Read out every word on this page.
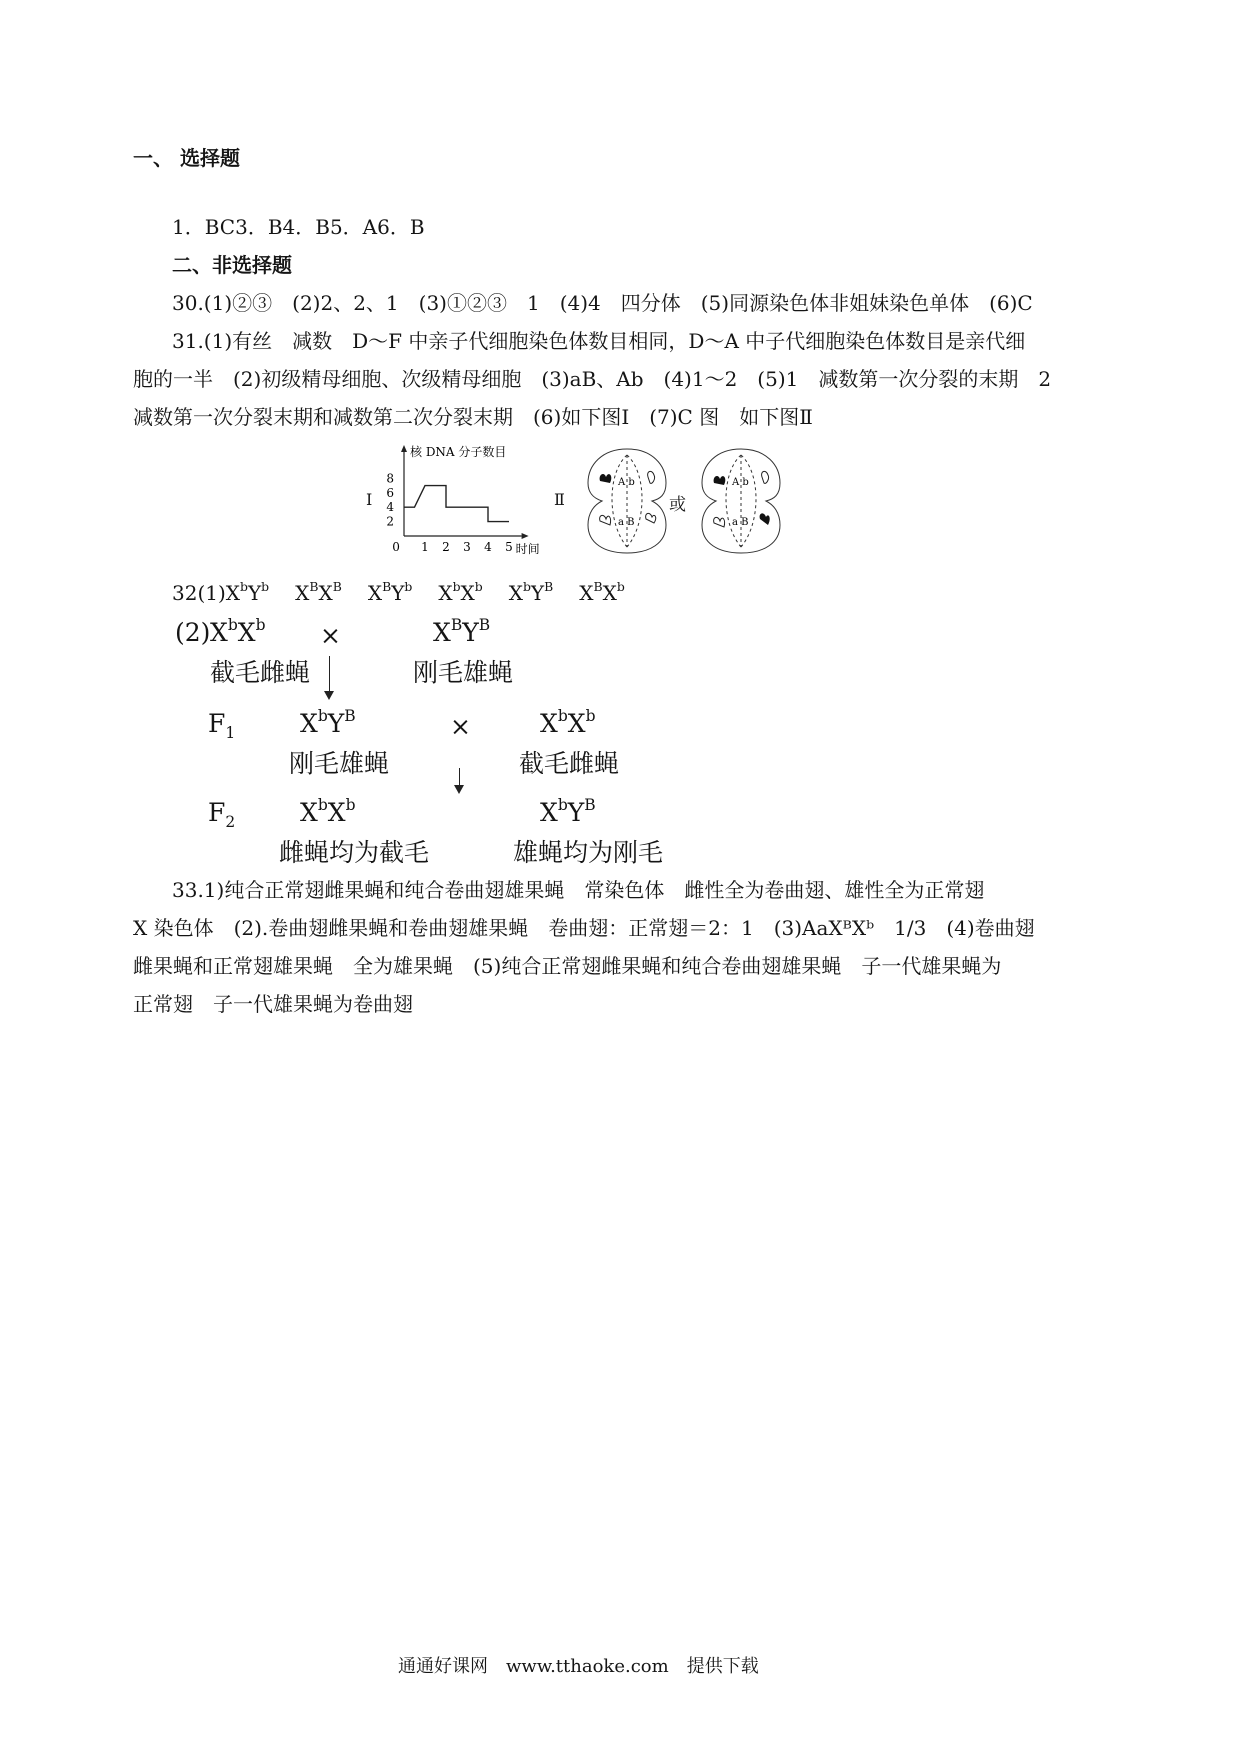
一、 选择题
1．BC3．B4．B5．A6．B
二、非选择题
30.(1)②③　(2)2、2、1　(3)①②③　1　(4)4　四分体　(5)同源染色体非姐妹染色单体　(6)C
31.(1)有丝　减数　D～F 中亲子代细胞染色体数目相同，D～A 中子代细胞染色体数目是亲代细
胞的一半　(2)初级精母细胞、次级精母细胞　(3)aB、Ab　(4)1～2　(5)1　减数第一次分裂的末期　2
减数第一次分裂末期和减数第二次分裂末期　(6)如下图Ⅰ　(7)C 图　如下图Ⅱ
Ⅰ
2
4
6
8
0 1 2 3 4 5
核 DNA 分子数目
时间
Ⅱ
A b
a B
或
A b
a B
$32(1)X^bY^b$ $X^BX^B$ $X^BY^b$ $X^bX^b$ $X^bY^B$ $X^BX^b$
(2) $X^bX^b$ ×	$X^BY^B$
截毛雌蝇	刚毛雄蝇
$F_1$	$X^bY^B$	×	$X^bX^b$
刚毛雄蝇	截毛雌蝇
$F_2$	$X^bX^b$	$X^bY^B$
雌蝇均为截毛	雄蝇均为刚毛
33.1)纯合正常翅雌果蝇和纯合卷曲翅雄果蝇　常染色体　雌性全为卷曲翅、雄性全为正常翅
X 染色体　(2).卷曲翅雌果蝇和卷曲翅雄果蝇　卷曲翅：正常翅＝2：1　(3)AaXᴮXᵇ　1/3　(4)卷曲翅
雌果蝇和正常翅雄果蝇　全为雄果蝇　(5)纯合正常翅雌果蝇和纯合卷曲翅雄果蝇　子一代雄果蝇为
正常翅　子一代雄果蝇为卷曲翅
通通好课网　www.tthaoke.com　提供下载
